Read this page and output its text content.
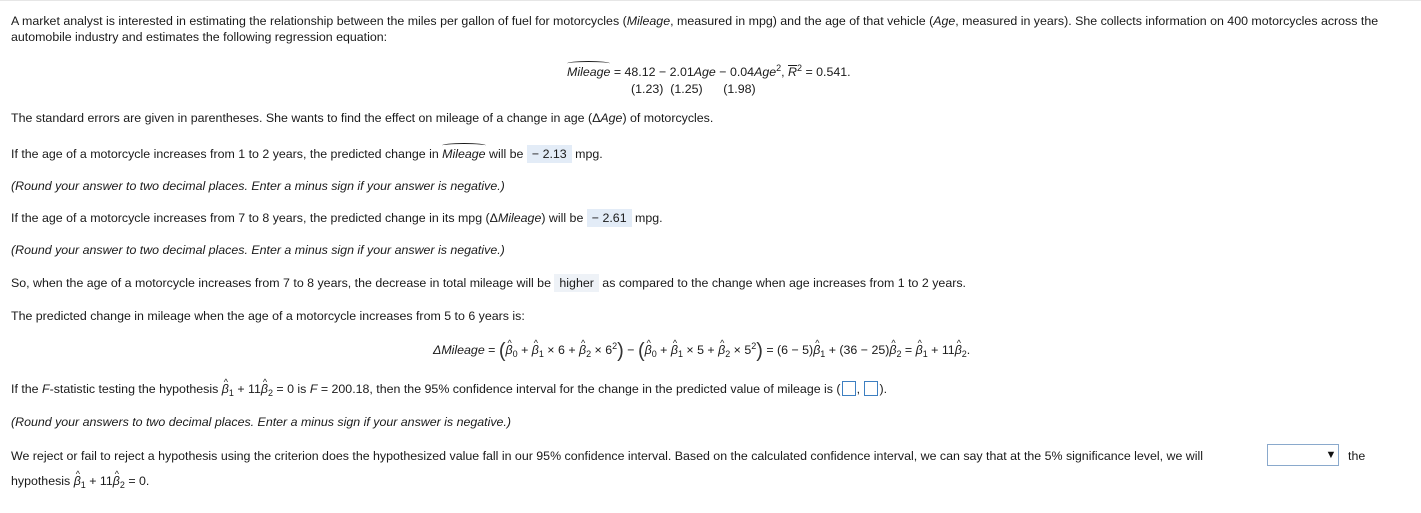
A market analyst is interested in estimating the relationship between the miles per gallon of fuel for motorcycles (Mileage, measured in mpg) and the age of that vehicle (Age, measured in years). She collects information on 400 motorcycles across the automobile industry and estimates the following regression equation:
Mileage = 48.12 − 2.01Age − 0.04Age$^2$, $R^2 = 0.541$.
(1.23)  (1.25)      (1.98)
The standard errors are given in parentheses. She wants to find the effect on mileage of a change in age (ΔAge) of motorcycles.
If the age of a motorcycle increases from 1 to 2 years, the predicted change in Mileage will be − 2.13 mpg.
(Round your answer to two decimal places. Enter a minus sign if your answer is negative.)
If the age of a motorcycle increases from 7 to 8 years, the predicted change in its mpg (ΔMileage) will be − 2.61 mpg.
(Round your answer to two decimal places. Enter a minus sign if your answer is negative.)
So, when the age of a motorcycle increases from 7 to 8 years, the decrease in total mileage will be higher as compared to the change when age increases from 1 to 2 years.
The predicted change in mileage when the age of a motorcycle increases from 5 to 6 years is:
ΔMileage = (^ $\beta_0$ + ^ $\beta_1 \times 6$ + ^ $\beta_2 \times 6^2$) − (^ $\beta_0$ + ^ $\beta_1 \times 5$ + ^ $\beta_2 \times 5^2) = (6$ − 5)^ $\beta_1 + (36$ − 25)^ $\beta_2$ = ^ $\beta_1$ + 11^ $\beta_2$.
If the F-statistic testing the hypothesis ^ $\beta_1$ + 11^ $\beta_2 = 0$ is F = 200.18, then the 95% confidence interval for the change in the predicted value of mileage is ( , ).
(Round your answers to two decimal places. Enter a minus sign if your answer is negative.)
We reject or fail to reject a hypothesis using the criterion does the hypothesized value fall in our 95% confidence interval. Based on the calculated confidence interval, we can say that at the 5% significance level, we will	▼ the
hypothesis ^ $\beta_1$ + 11^ $\beta_2 = 0$.
